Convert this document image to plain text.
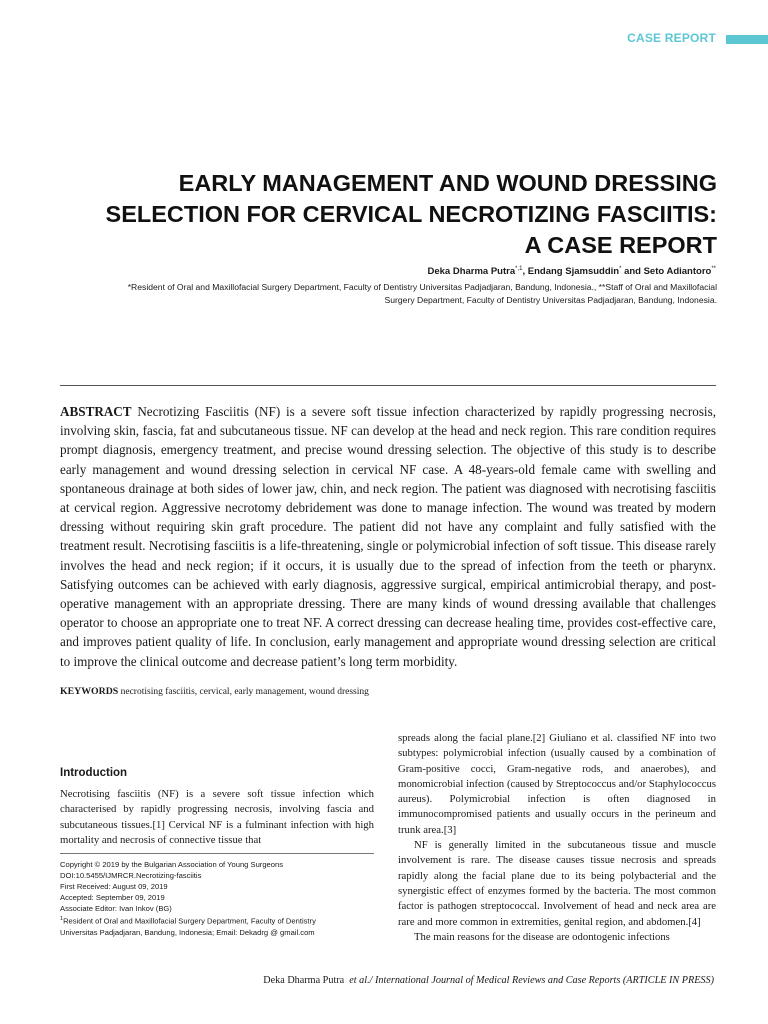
CASE REPORT
EARLY MANAGEMENT AND WOUND DRESSING
SELECTION FOR CERVICAL NECROTIZING FASCIITIS:
A CASE REPORT
Deka Dharma Putra$^{*,1}$, Endang Sjamsuddin* and Seto Adiantoro**
*Resident of Oral and Maxillofacial Surgery Department, Faculty of Dentistry Universitas Padjadjaran, Bandung, Indonesia., **Staff of Oral and Maxillofacial
Surgery Department, Faculty of Dentistry Universitas Padjadjaran, Bandung, Indonesia.
ABSTRACT Necrotizing Fasciitis (NF) is a severe soft tissue infection characterized by rapidly progressing necrosis, involving skin, fascia, fat and subcutaneous tissue. NF can develop at the head and neck region. This rare condition requires prompt diagnosis, emergency treatment, and precise wound dressing selection. The objective of this study is to describe early management and wound dressing selection in cervical NF case. A 48-years-old female came with swelling and spontaneous drainage at both sides of lower jaw, chin, and neck region. The patient was diagnosed with necrotising fasciitis at cervical region. Aggressive necrotomy debridement was done to manage infection. The wound was treated by modern dressing without requiring skin graft procedure. The patient did not have any complaint and fully satisfied with the treatment result. Necrotising fasciitis is a life-threatening, single or polymicrobial infection of soft tissue. This disease rarely involves the head and neck region; if it occurs, it is usually due to the spread of infection from the teeth or pharynx. Satisfying outcomes can be achieved with early diagnosis, aggressive surgical, empirical antimicrobial therapy, and post-operative management with an appropriate dressing. There are many kinds of wound dressing available that challenges operator to choose an appropriate one to treat NF. A correct dressing can decrease healing time, provides cost-effective care, and improves patient quality of life. In conclusion, early management and appropriate wound dressing selection are critical to improve the clinical outcome and decrease patient’s long term morbidity.
KEYWORDS necrotising fasciitis, cervical, early management, wound dressing
Introduction
Necrotising fasciitis (NF) is a severe soft tissue infection which characterised by rapidly progressing necrosis, involving fascia and subcutaneous tissues.[1] Cervical NF is a fulminant infection with high mortality and necrosis of connective tissue that
Copyright © 2019 by the Bulgarian Association of Young Surgeons
DOI:10.5455/IJMRCR.Necrotizing-fasciitis
First Received: August 09, 2019
Accepted: September 09, 2019
Associate Editor: Ivan Inkov (BG)
$^1$Resident of Oral and Maxillofacial Surgery Department, Faculty of Dentistry
Universitas Padjadjaran, Bandung, Indonesia; Email: Dekadrg @ gmail.com

spreads along the facial plane.[2] Giuliano et al. classified NF into two subtypes: polymicrobial infection (usually caused by a combination of Gram-positive cocci, Gram-negative rods, and anaerobes), and monomicrobial infection (caused by Streptococcus and/or Staphylococcus aureus). Polymicrobial infection is often diagnosed in immunocompromised patients and usually occurs in the perineum and trunk area.[3]

NF is generally limited in the subcutaneous tissue and muscle involvement is rare. The disease causes tissue necrosis and spreads rapidly along the facial plane due to its being polybacterial and the synergistic effect of enzymes formed by the bacteria. The most common factor is pathogen streptococcal. Involvement of head and neck area are rare and more common in extremities, genital region, and abdomen.[4]

The main reasons for the disease are odontogenic infections

Deka Dharma Putra et al./ International Journal of Medical Reviews and Case Reports (ARTICLE IN PRESS)
